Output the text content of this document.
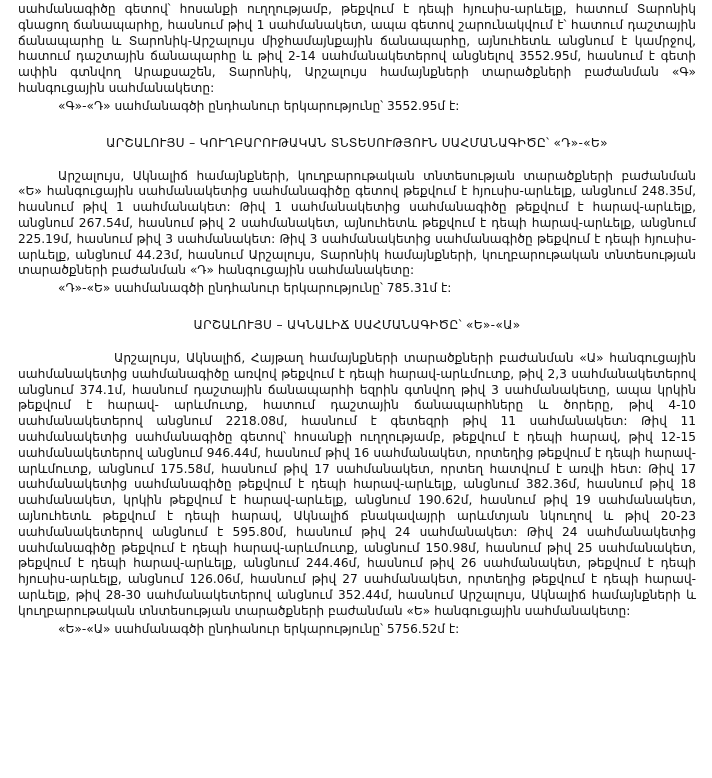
սահմանագիծը գետով՝ հոսանքի ուղղությամբ, թեքվում է դեպի հյուսիս-արևելք, հատում Տարոնիկ գնացող ճանապարհը, հասնում թիվ 1 սահմանակետ, ապա գետով շարունակվում է՝ հատում դաշտային ճանապարհը և Տարոնիկ-Արշալույս միջհամայնքային ճանապարհը, այնուհետև անցնում է կամրջով, հատում դաշտային ճանապարհը և թիվ 2-14 սահմանակետերով անցնելով 3552.95մ, հասնում է գետի ափին գտնվող Արաքսաշեն, Տարոնիկ, Արշալույս համայնքների տարածքների բաժանման «Գ» հանգուցային սահմանակետը:

«Գ»-«Դ» սահմանագծի ընդհանուր երկարությունը՝ 3552.95մ է:

ԱՐՇԱԼՈՒՅՍ – ԿՈՒՂԲԱՐՈՒԹԱԿԱՆ ՏՆՏԵՍՈՒԹՅՈՒՆ ՍԱՀՄԱՆԱԳԻԾԸ՝ «Դ»-«Ե»

Արշալույս, Ակնալիճ համայնքների, կուղբարութական տնտեսության տարածքների բաժանման «Ե» հանգուցային սահմանակետից սահմանագիծը գետով թեքվում է հյուսիս-արևելք, անցնում 248.35մ, հասնում թիվ 1 սահմանակետ: Թիվ 1 սահմանակետից սահմանագիծը թեքվում է հարավ-արևելք, անցնում 267.54մ, հասնում թիվ 2 սահմանակետ, այնուհետև թեքվում է դեպի հարավ-արևելք, անցնում 225.19մ, հասնում թիվ 3 սահմանակետ: Թիվ 3 սահմանակետից սահմանագիծը թեքվում է դեպի հյուսիս-արևելք, անցնում 44.23մ, հասնում Արշալույս, Տարոնիկ համայնքների, կուղբարութական տնտեսության տարածքների բաժանման «Դ» հանգուցային սահմանակետը:

«Դ»-«Ե» սահմանագծի ընդհանուր երկարությունը՝ 785.31մ է:

ԱՐՇԱԼՈՒՅՍ – ԱԿՆԱԼԻՃ ՍԱՀՄԱՆԱԳԻԾԸ՝ «Ե»-«Ա»

Արշալույս, Ակնալիճ, Հայթաղ համայնքների տարածքների բաժանման «Ա» հանգուցային սահմանակետից սահմանագիծը առվով թեքվում է դեպի հարավ-արևմուտք, թիվ 2,3 սահմանակետերով անցնում 374.1մ, հասնում դաշտային ճանապարհի եզրին գտնվող թիվ 3 սահմանակետը, ապա կրկին թեքվում է հարավ- արևմուտք, հատում դաշտային ճանապարհները և ծորերը, թիվ 4-10 սահմանակետերով անցնում 2218.08մ, հասնում է գետեզրի թիվ 11 սահմանակետ: Թիվ 11 սահմանակետից սահմանագիծը գետով՝ հոսանքի ուղղությամբ, թեքվում է դեպի հարավ, թիվ 12-15 սահմանակետերով անցնում 946.44մ, հասնում թիվ 16 սահմանակետ, որտեղից թեքվում է դեպի հարավ-արևմուտք, անցնում 175.58մ, հասնում թիվ 17 սահմանակետ, որտեղ հատվում է առվի հետ: Թիվ 17 սահմանակետից սահմանագիծը թեքվում է դեպի հարավ-արևելք, անցնում 382.36մ, հասնում թիվ 18 սահմանակետ, կրկին թեքվում է հարավ-արևելք, անցնում 190.62մ, հասնում թիվ 19 սահմանակետ, այնուհետև թեքվում է դեպի հարավ, Ակնալիճ բնակավայրի արևմտյան նկուղով և թիվ 20-23 սահմանակետերով անցնում է 595.80մ, հասնում թիվ 24 սահմանակետ: Թիվ 24 սահմանակետից սահմանագիծը թեքվում է դեպի հարավ-արևմուտք, անցնում 150.98մ, հասնում թիվ 25 սահմանակետ, թեքվում է դեպի հարավ-արևելք, անցնում 244.46մ, հասնում թիվ 26 սահմանակետ, թեքվում է դեպի հյուսիս-արևելք, անցնում 126.06մ, հասնում թիվ 27 սահմանակետ, որտեղից թեքվում է դեպի հարավ-արևելք, թիվ 28-30 սահմանակետերով անցնում 352.44մ, հասնում Արշալույս, Ակնալիճ համայնքների և կուղբարութական տնտեսության տարածքների բաժանման «Ե» հանգուցային սահմանակետը:

«Ե»-«Ա» սահմանագծի ընդհանուր երկարությունը՝ 5756.52մ է:
